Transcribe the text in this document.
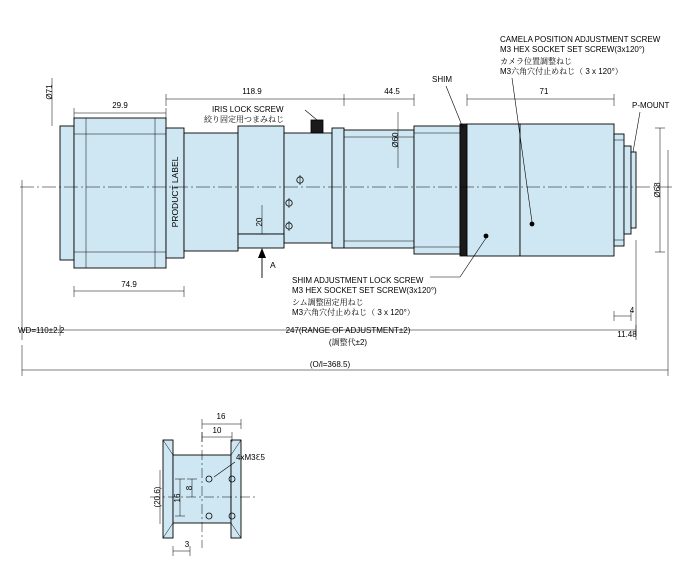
Ø71
29.9
118.9	44.5	71
Ø60
Ø68
PRODUCT LABEL	20
A
74.9
4
WD=110±2.2	247(RANGE OF ADJUSTMENT±2)
(調整代±2)
11.48
(O/l=368.5)
IRIS LOCK SCREW
絞り固定用つまみねじ
CAMELA POSITION ADJUSTMENT SCREW
M3 HEX SOCKET SET SCREW(3x120°)
カメラ位置調整ねじ
M3六角穴付止めねじ（ 3 x 120°）
SHIM
P-MOUNT
SHIM ADJUSTMENT LOCK SCREW
M3 HEX SOCKET SET SCREW(3x120°)
シム調整固定用ねじ
M3六角穴付止めねじ（ 3 x 120°）
16
10
8
16
(20.6)
3
4xM3ℇ5
